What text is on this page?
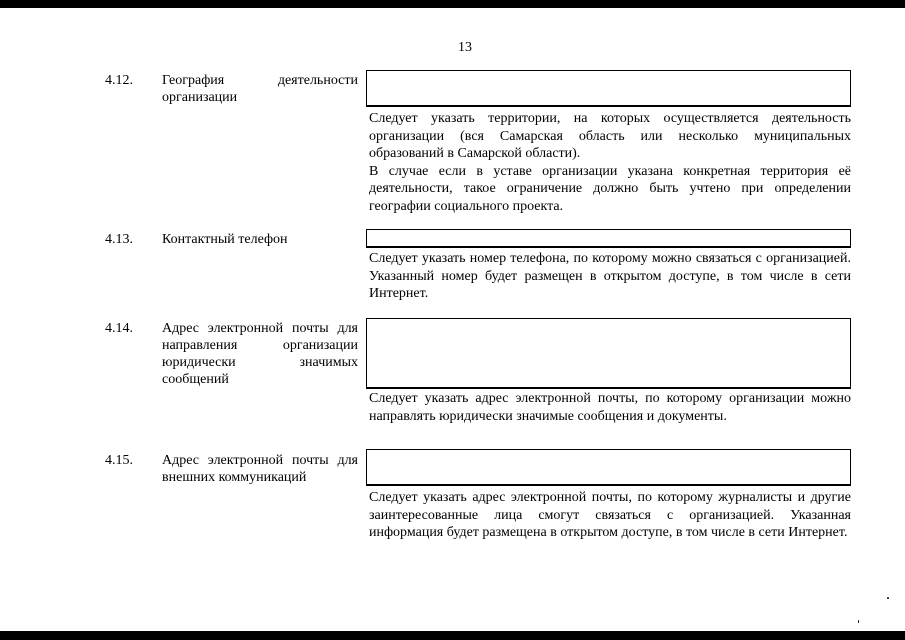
13
4.12. География деятельности организации

Следует указать территории, на которых осуществляется деятельность организации (вся Самарская область или несколько муниципальных образований в Самарской области).

В случае если в уставе организации указана конкретная территория её деятельности, такое ограничение должно быть учтено при определении географии социального проекта.

4.13. Контактный телефон

Следует указать номер телефона, по которому можно связаться с организацией. Указанный номер будет размещен в открытом доступе, в том числе в сети Интернет.

4.14. Адрес электронной почты для направления организации юридически значимых сообщений

Следует указать адрес электронной почты, по которому организации можно направлять юридически значимые сообщения и документы.

4.15. Адрес электронной почты для внешних коммуникаций

Следует указать адрес электронной почты, по которому журналисты и другие заинтересованные лица смогут связаться с организацией. Указанная информация будет размещена в открытом доступе, в том числе в сети Интернет.
